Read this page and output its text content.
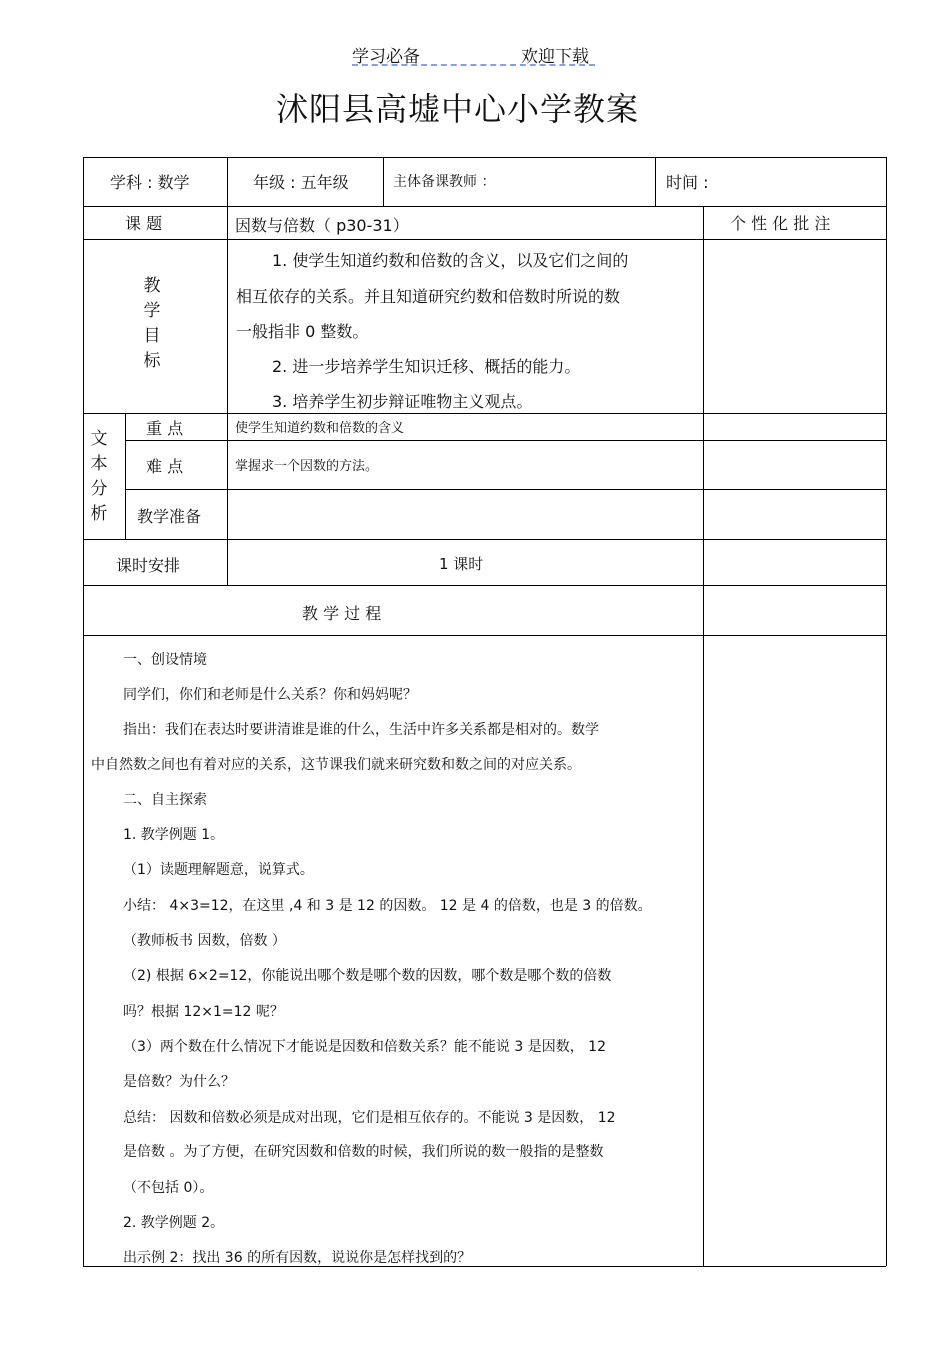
学习必备	欢迎下载
沭阳县高墟中心小学教案
学科 : 数学	年级 : 五年级	主体备课教师 ：	时间 :
课 题	因数与倍数（ p30-31）	个 性 化 批 注
教
学
目
标
1. 使学生知道约数和倍数的含义，以及它们之间的
相互依存的关系。并且知道研究约数和倍数时所说的数
一般指非 0 整数。
2. 进一步培养学生知识迁移、概括的能力。
3. 培养学生初步辩证唯物主义观点。
文
本
分
析
重 点	使学生知道约数和倍数的含义
难 点	掌握求一个因数的方法。
教学准备
课时安排	1 课时
教 学 过 程
一、创设情境
同学们，你们和老师是什么关系？你和妈妈呢？
指出：我们在表达时要讲清谁是谁的什么，生活中许多关系都是相对的。数学
中自然数之间也有着对应的关系，这节课我们就来研究数和数之间的对应关系。
二、自主探索
1. 教学例题 1。
（1）读题理解题意，说算式。
小结： 4×3=12，在这里 ,4 和 3 是 12 的因数。 12 是 4 的倍数，也是 3 的倍数。
（教师板书 因数，倍数 ）
（2) 根据 6×2=12，你能说出哪个数是哪个数的因数，哪个数是哪个数的倍数
吗？根据 12×1=12 呢？
（3）两个数在什么情况下才能说是因数和倍数关系？能不能说 3 是因数， 12
是倍数？为什么？
总结： 因数和倍数必须是成对出现，它们是相互依存的。不能说 3 是因数， 12
是倍数 。为了方便，在研究因数和倍数的时候，我们所说的数一般指的是整数
（不包括 0）。
2. 教学例题 2。
出示例 2：找出 36 的所有因数，说说你是怎样找到的？
